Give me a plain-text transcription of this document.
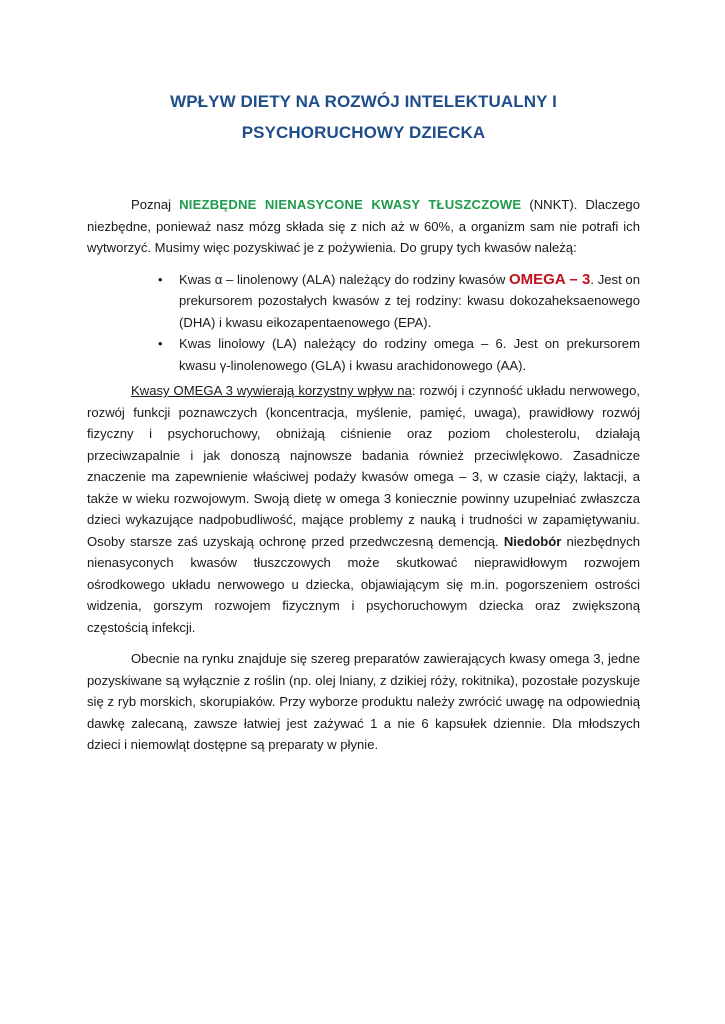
WPŁYW DIETY NA ROZWÓJ INTELEKTUALNY I
PSYCHORUCHOWY DZIECKA

Poznaj NIEZBĘDNE NIENASYCONE KWASY TŁUSZCZOWE (NNKT). Dlaczego niezbędne, ponieważ nasz mózg składa się z nich aż w 60%, a organizm sam nie potrafi ich wytworzyć. Musimy więc pozyskiwać je z pożywienia. Do grupy tych kwasów należą:

• Kwas α – linolenowy (ALA) należący do rodziny kwasów OMEGA – 3. Jest on prekursorem pozostałych kwasów z tej rodziny: kwasu dokozaheksaenowego (DHA) i kwasu eikozapentaenowego (EPA).
• Kwas linolowy (LA) należący do rodziny omega – 6. Jest on prekursorem kwasu γ-linolenowego (GLA) i kwasu arachidonowego (AA).

Kwasy OMEGA 3 wywierają korzystny wpływ na: rozwój i czynność układu nerwowego, rozwój funkcji poznawczych (koncentracja, myślenie, pamięć, uwaga), prawidłowy rozwój fizyczny i psychoruchowy, obniżają ciśnienie oraz poziom cholesterolu, działają przeciwzapalnie i jak donoszą najnowsze badania również przeciwlękowo. Zasadnicze znaczenie ma zapewnienie właściwej podaży kwasów omega – 3, w czasie ciąży, laktacji, a także w wieku rozwojowym. Swoją dietę w omega 3 koniecznie powinny uzupełniać zwłaszcza dzieci wykazujące nadpobudliwość, mające problemy z nauką i trudności w zapamiętywaniu. Osoby starsze zaś uzyskają ochronę przed przedwczesną demencją. Niedobór niezbędnych nienasyconych kwasów tłuszczowych może skutkować nieprawidłowym rozwojem ośrodkowego układu nerwowego u dziecka, objawiającym się m.in. pogorszeniem ostrości widzenia, gorszym rozwojem fizycznym i psychoruchowym dziecka oraz zwiększoną częstością infekcji.

Obecnie na rynku znajduje się szereg preparatów zawierających kwasy omega 3, jedne pozyskiwane są wyłącznie z roślin (np. olej lniany, z dzikiej róży, rokitnika), pozostałe pozyskuje się z ryb morskich, skorupiaków. Przy wyborze produktu należy zwrócić uwagę na odpowiednią dawkę zalecaną, zawsze łatwiej jest zażywać 1 a nie 6 kapsułek dziennie. Dla młodszych dzieci i niemowląt dostępne są preparaty w płynie.
